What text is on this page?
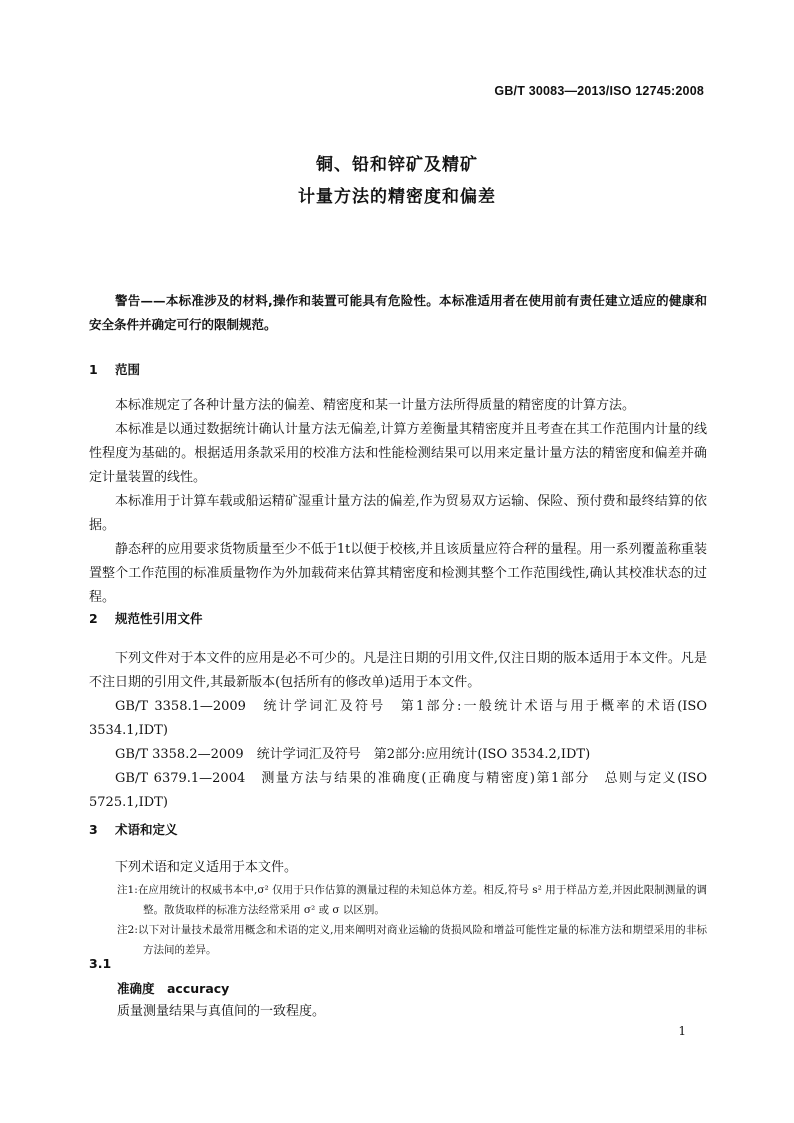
GB/T 30083—2013/ISO 12745:2008
铜、铅和锌矿及精矿
计量方法的精密度和偏差

警告——本标准涉及的材料,操作和装置可能具有危险性。本标准适用者在使用前有责任建立适应的健康和安全条件并确定可行的限制规范。

1 范围

本标准规定了各种计量方法的偏差、精密度和某一计量方法所得质量的精密度的计算方法。

本标准是以通过数据统计确认计量方法无偏差,计算方差衡量其精密度并且考查在其工作范围内计量的线性程度为基础的。根据适用条款采用的校准方法和性能检测结果可以用来定量计量方法的精密度和偏差并确定计量装置的线性。

本标准用于计算车载或船运精矿湿重计量方法的偏差,作为贸易双方运输、保险、预付费和最终结算的依据。

静态秤的应用要求货物质量至少不低于1t以便于校核,并且该质量应符合秤的量程。用一系列覆盖称重装置整个工作范围的标准质量物作为外加载荷来估算其精密度和检测其整个工作范围线性,确认其校准状态的过程。

2 规范性引用文件

下列文件对于本文件的应用是必不可少的。凡是注日期的引用文件,仅注日期的版本适用于本文件。凡是不注日期的引用文件,其最新版本(包括所有的修改单)适用于本文件。

GB/T 3358.1—2009　统计学词汇及符号　第1部分:一般统计术语与用于概率的术语(ISO 3534.1,IDT)

GB/T 3358.2—2009　统计学词汇及符号　第2部分:应用统计(ISO 3534.2,IDT)

GB/T 6379.1—2004　测量方法与结果的准确度(正确度与精密度)第1部分　总则与定义(ISO 5725.1,IDT)

3 术语和定义

下列术语和定义适用于本文件。

注1:在应用统计的权威书本中,σ² 仅用于只作估算的测量过程的未知总体方差。相反,符号 s² 用于样品方差,并因此限制测量的调整。散货取样的标准方法经常采用 σ² 或 σ 以区别。
注2:以下对计量技术最常用概念和术语的定义,用来阐明对商业运输的货损风险和增益可能性定量的标准方法和期望采用的非标方法间的差异。
3.1
准确度　accuracy
质量测量结果与真值间的一致程度。
1
